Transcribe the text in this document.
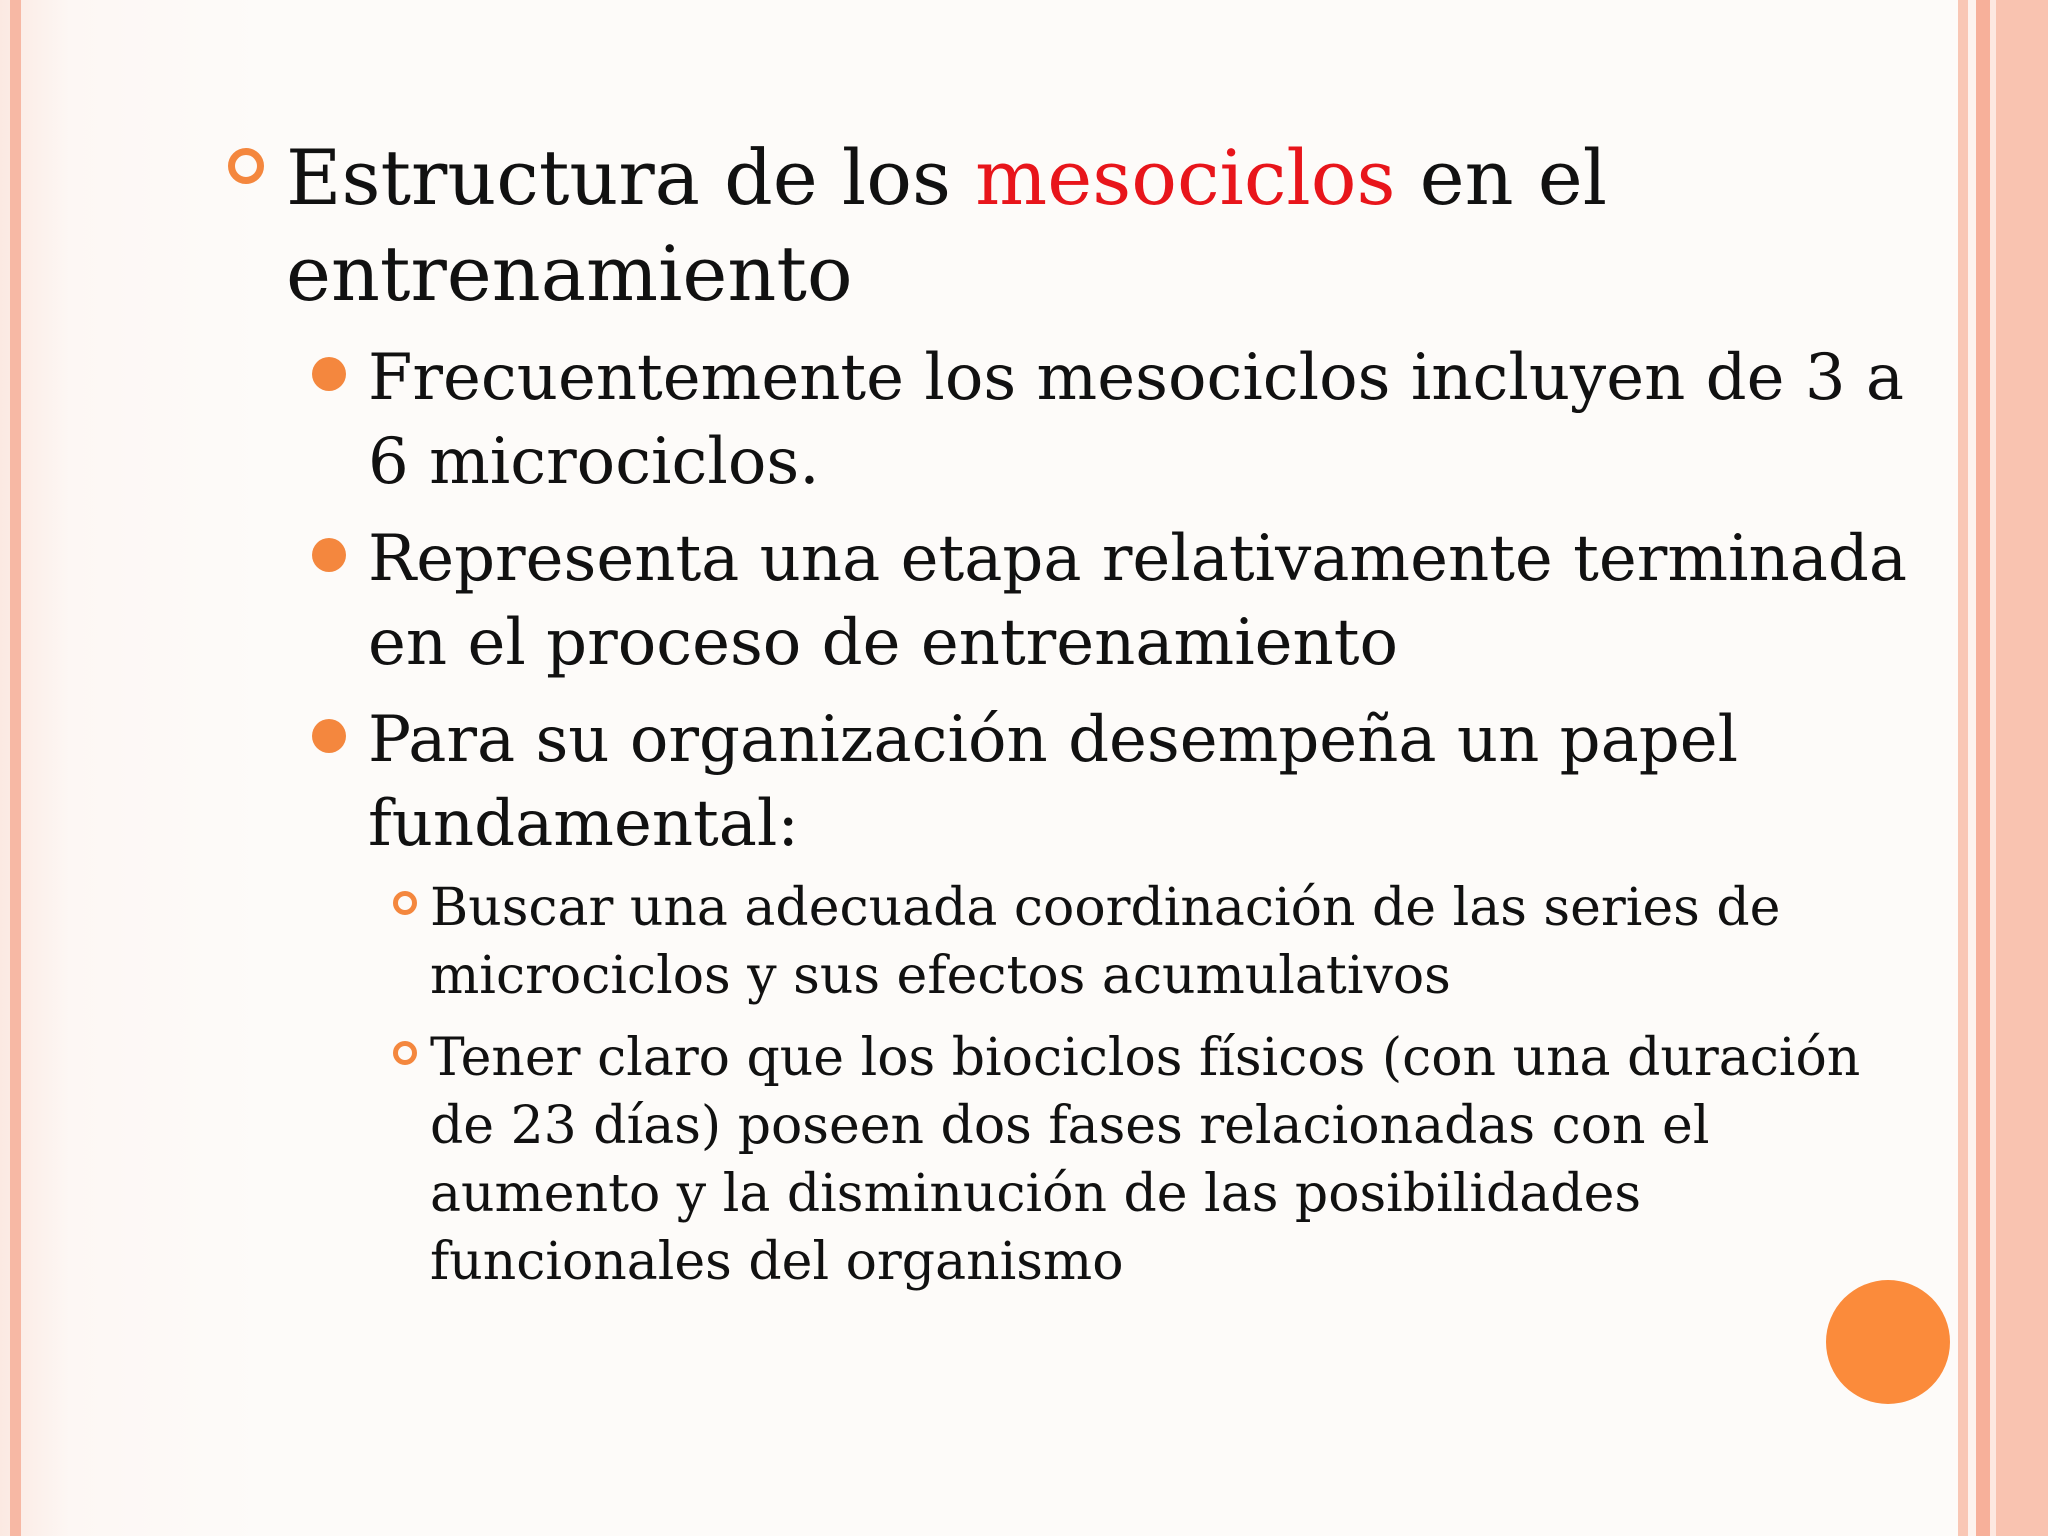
Estructura de los mesociclos en el entrenamiento
Frecuentemente los mesociclos incluyen de 3 a 6 microciclos.
Representa una etapa relativamente terminada en el proceso de entrenamiento
Para su organización desempeña un papel fundamental:
Buscar una adecuada coordinación de las series de microciclos y sus efectos acumulativos
Tener claro que los biociclos físicos (con una duración de 23 días) poseen dos fases relacionadas con el aumento y la disminución de las posibilidades funcionales del organismo
